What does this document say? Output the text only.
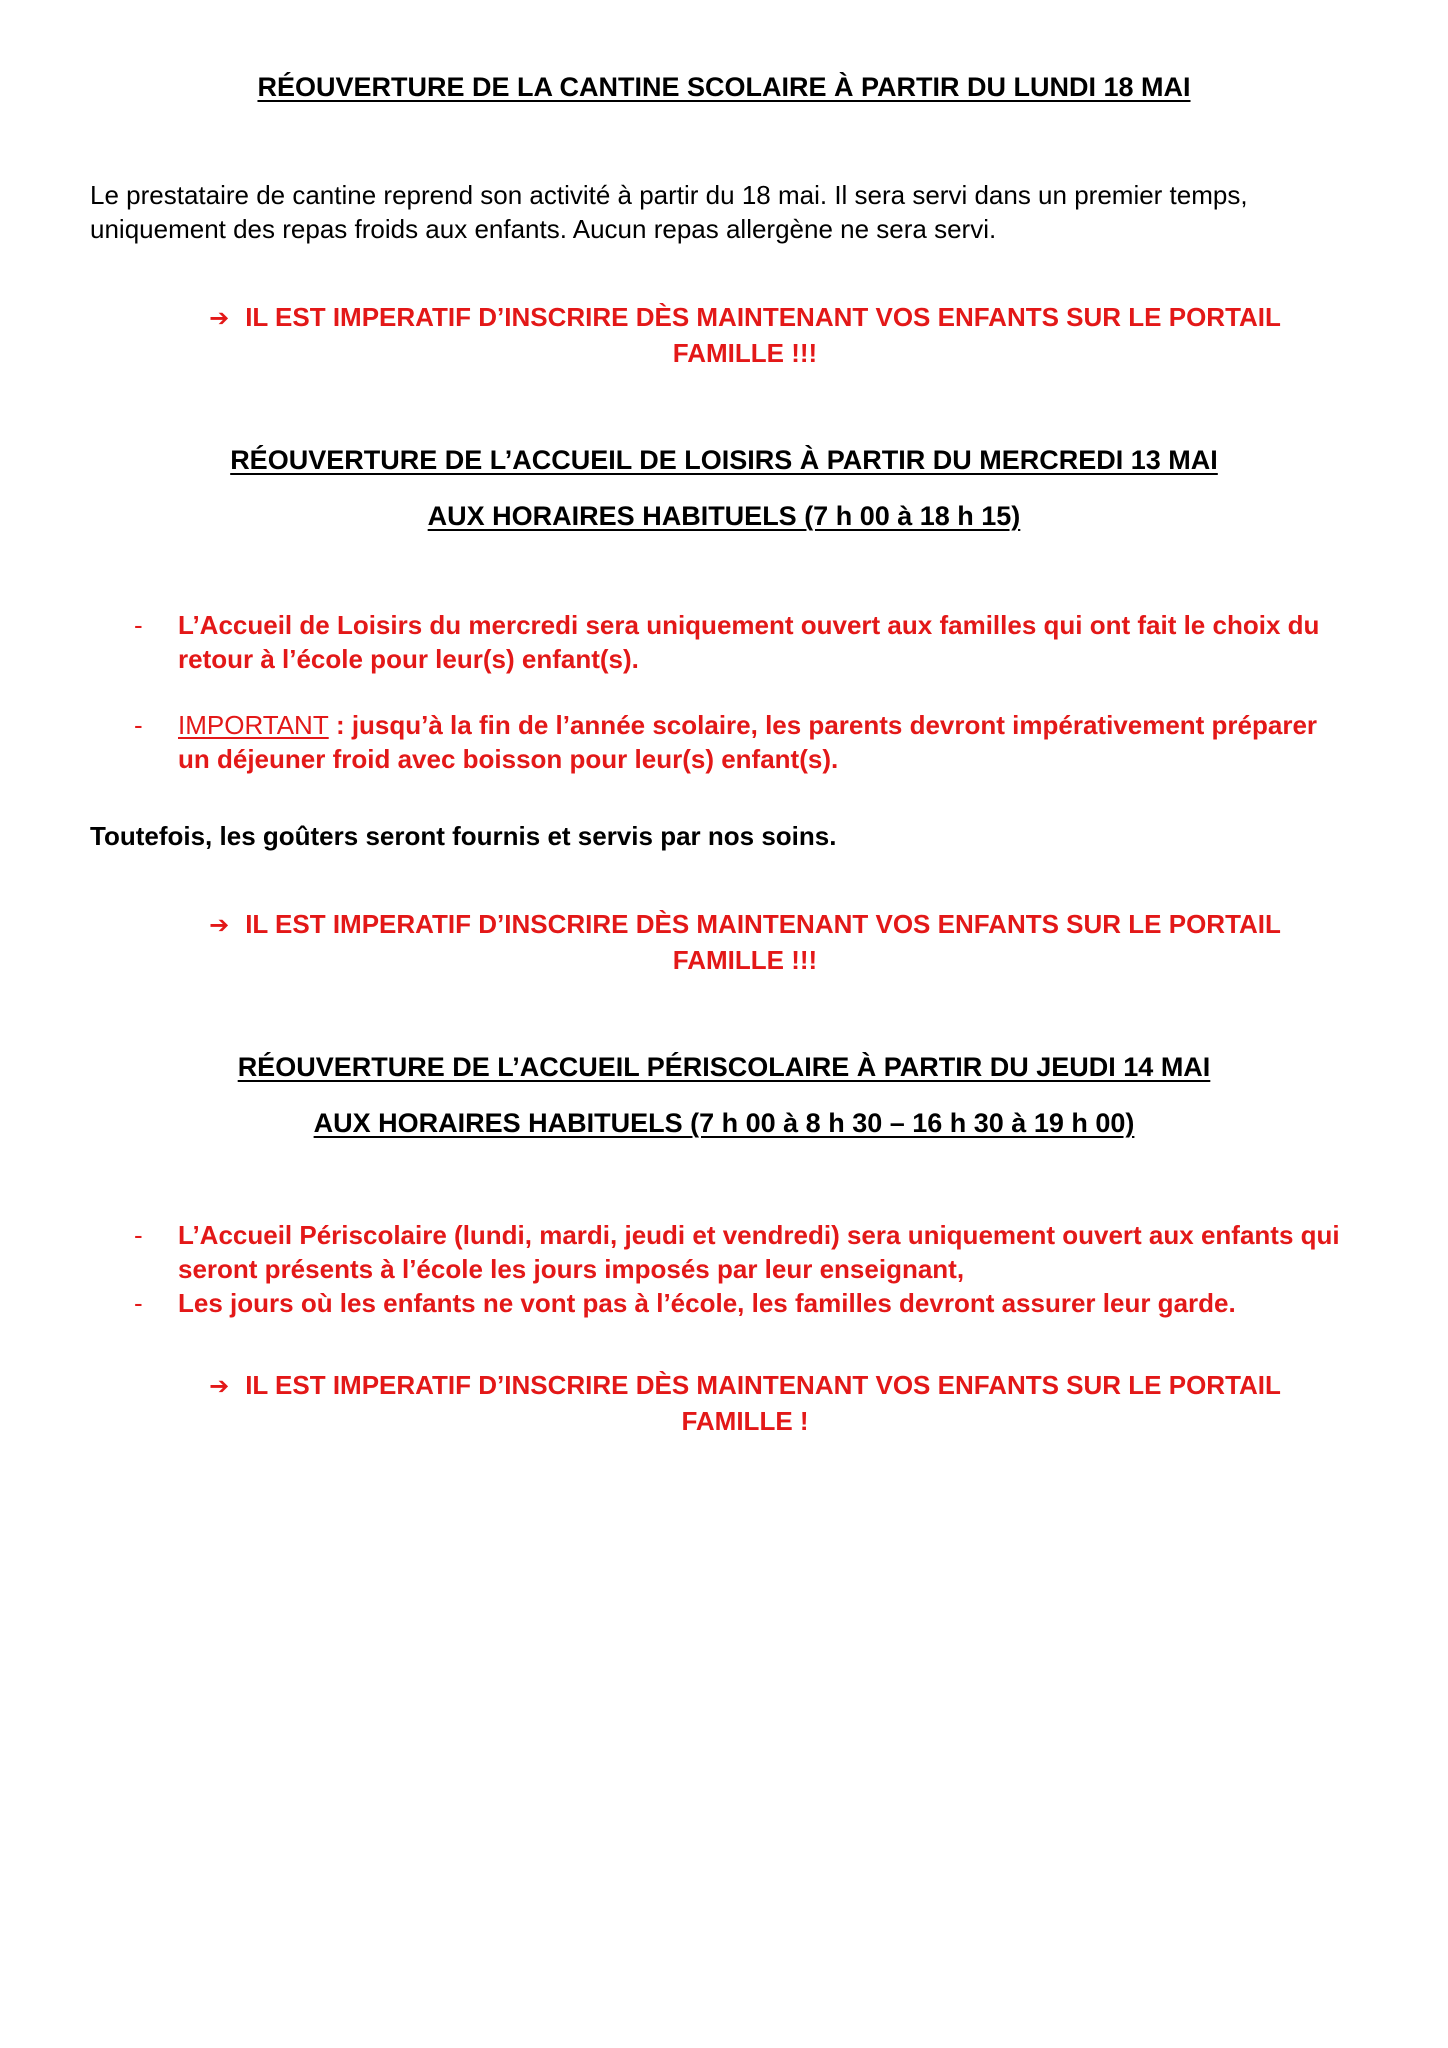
RÉOUVERTURE DE LA CANTINE SCOLAIRE À PARTIR DU LUNDI 18 MAI
Le prestataire de cantine reprend son activité à partir du 18 mai. Il sera servi dans un premier temps,
uniquement des repas froids aux enfants. Aucun repas allergène ne sera servi.
➔ IL EST IMPERATIF D’INSCRIRE DÈS MAINTENANT VOS ENFANTS SUR LE PORTAIL
FAMILLE !!!
RÉOUVERTURE DE L’ACCUEIL DE LOISIRS À PARTIR DU MERCREDI 13 MAI
AUX HORAIRES HABITUELS (7 h 00 à 18 h 15)
- L’Accueil de Loisirs du mercredi sera uniquement ouvert aux familles qui ont fait le choix du
retour à l’école pour leur(s) enfant(s).
- IMPORTANT : jusqu’à la fin de l’année scolaire, les parents devront impérativement préparer
un déjeuner froid avec boisson pour leur(s) enfant(s).
Toutefois, les goûters seront fournis et servis par nos soins.
➔ IL EST IMPERATIF D’INSCRIRE DÈS MAINTENANT VOS ENFANTS SUR LE PORTAIL
FAMILLE !!!
RÉOUVERTURE DE L’ACCUEIL PÉRISCOLAIRE À PARTIR DU JEUDI 14 MAI
AUX HORAIRES HABITUELS (7 h 00 à 8 h 30 – 16 h 30 à 19 h 00)
- L’Accueil Périscolaire (lundi, mardi, jeudi et vendredi) sera uniquement ouvert aux enfants qui
seront présents à l’école les jours imposés par leur enseignant,
- Les jours où les enfants ne vont pas à l’école, les familles devront assurer leur garde.
➔ IL EST IMPERATIF D’INSCRIRE DÈS MAINTENANT VOS ENFANTS SUR LE PORTAIL
FAMILLE !
